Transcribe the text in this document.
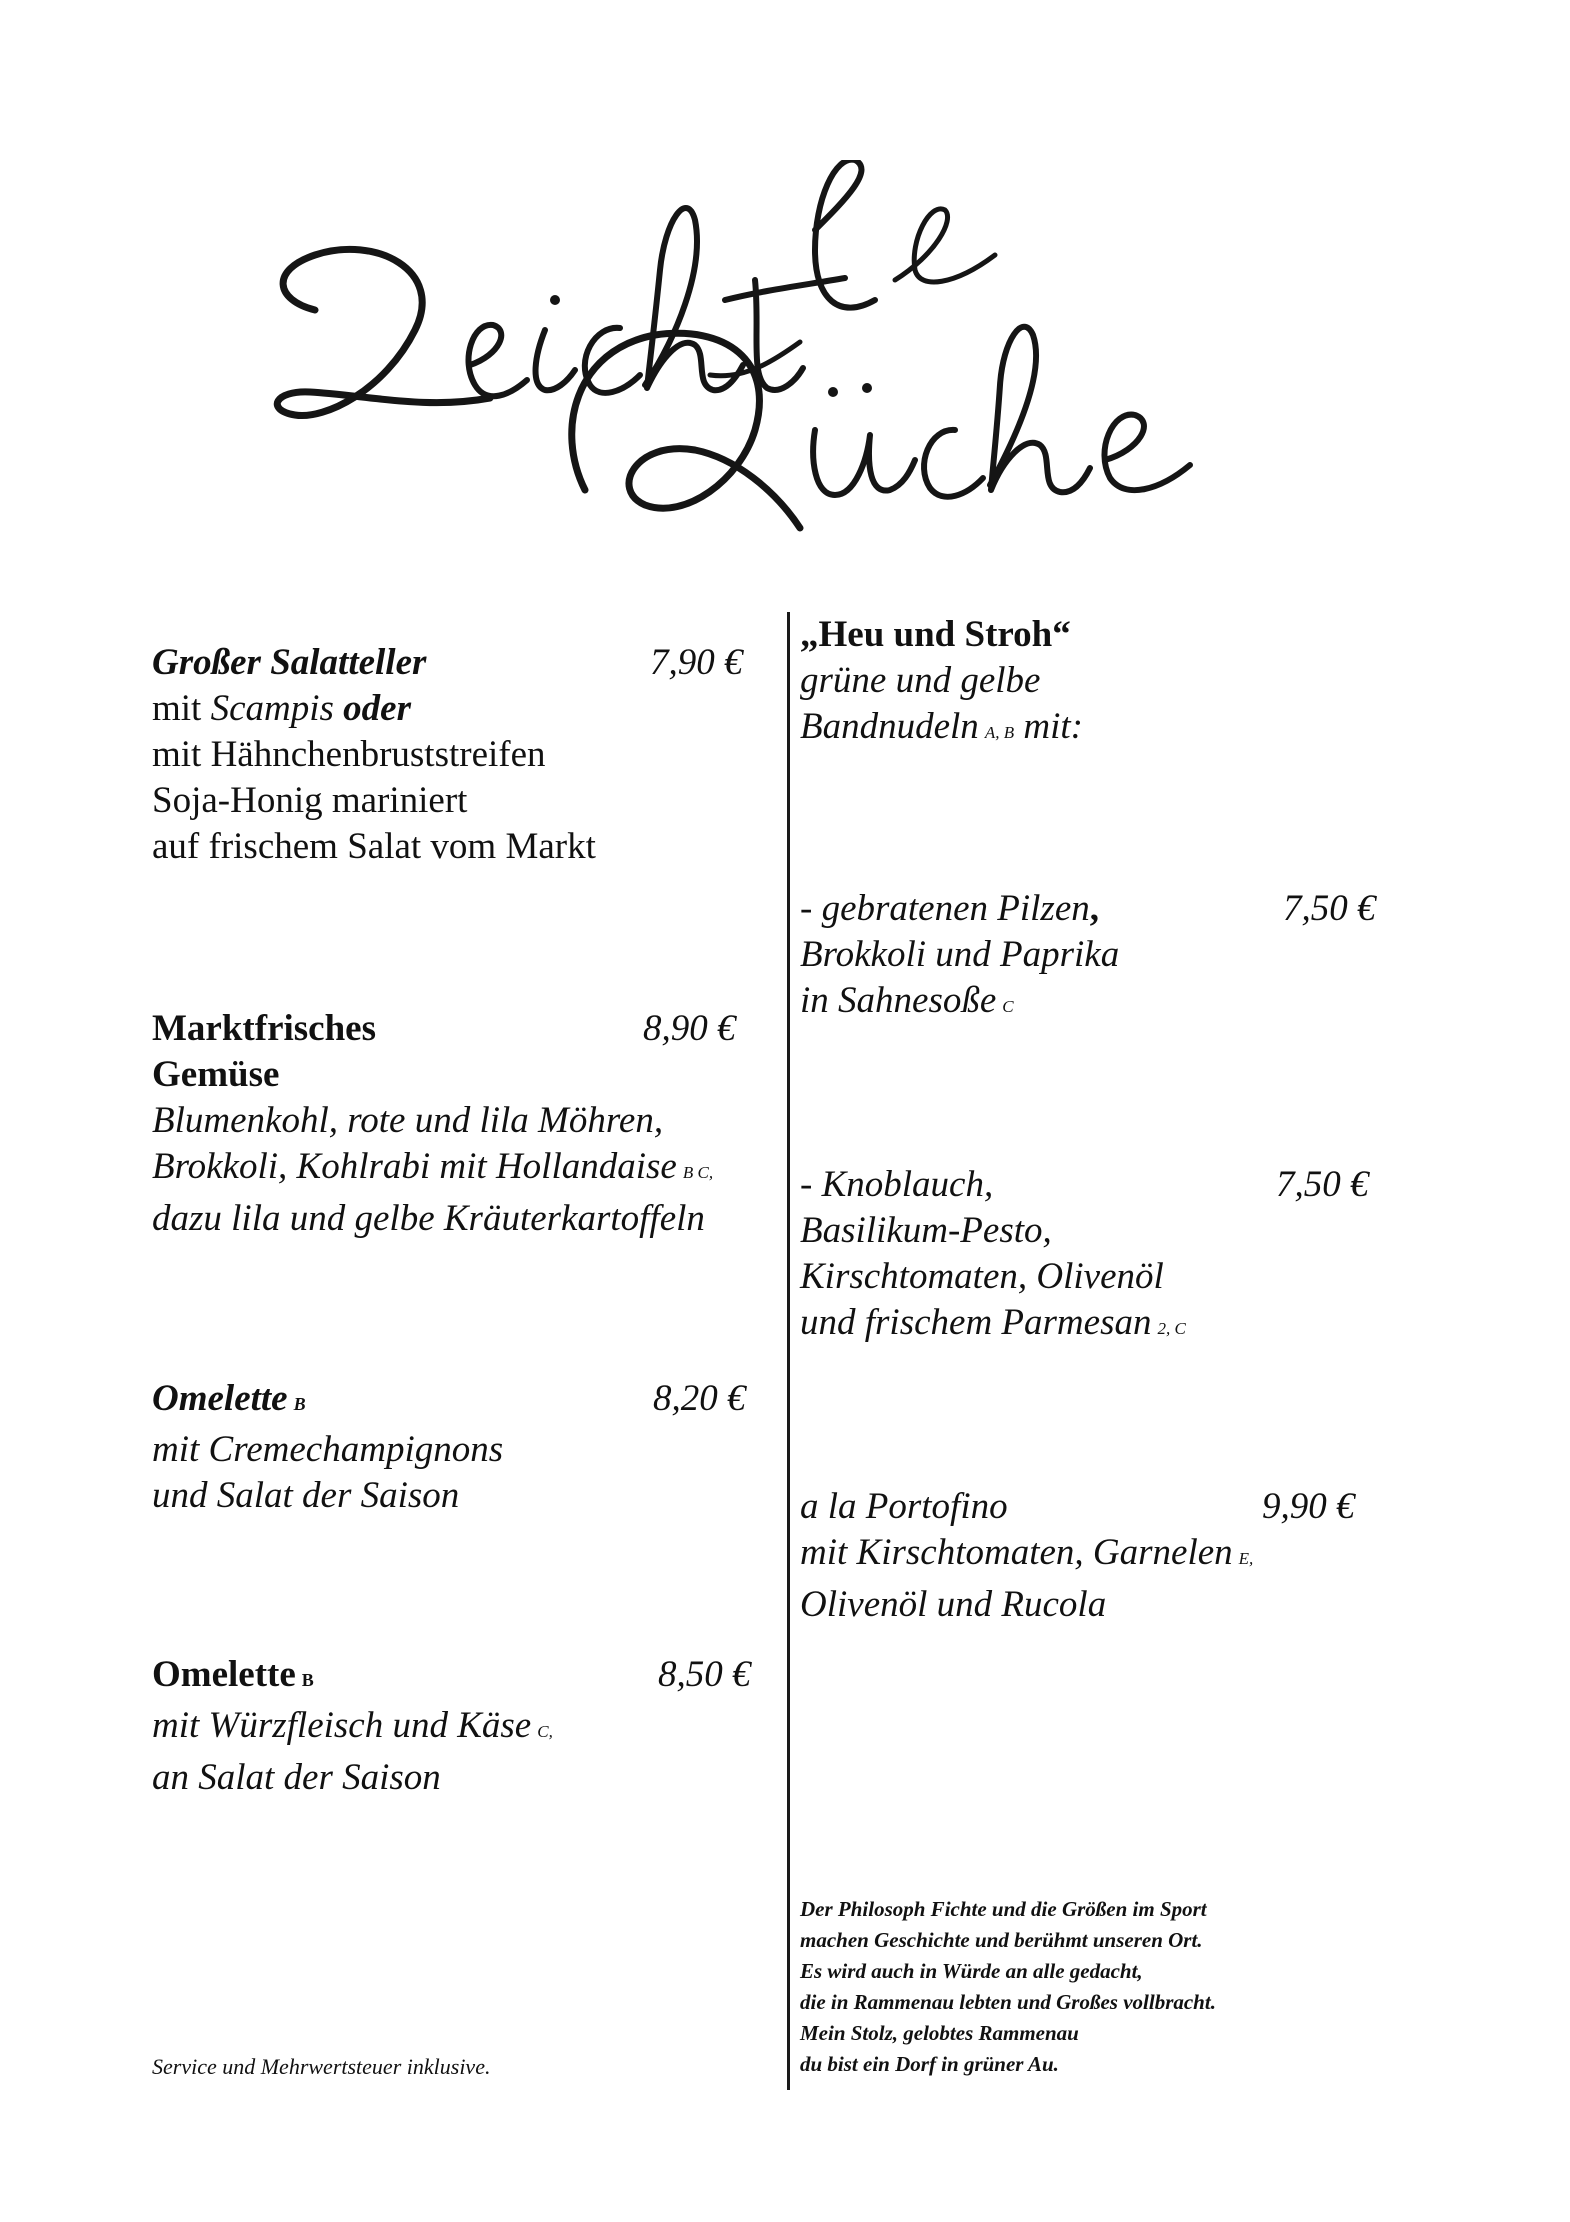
Großer Salatteller
mit Scampis oder
mit Hähnchenbruststreifen
Soja-Honig mariniert
auf frischem Salat vom Markt
7,90 €
Marktfrisches
Gemüse
Blumenkohl, rote und lila Möhren,
Brokkoli, Kohlrabi mit Hollandaise B C,
dazu lila und gelbe Kräuterkartoffeln
8,90 €
Omelette B
mit Cremechampignons
und Salat der Saison
8,20 €
Omelette B
mit Würzfleisch und Käse C,
an Salat der Saison
8,50 €
„Heu und Stroh“
grüne und gelbe
Bandnudeln A, B mit:
- gebratenen Pilzen,
Brokkoli und Paprika
in Sahnesoße C
7,50 €
- Knoblauch,
Basilikum-Pesto,
Kirschtomaten, Olivenöl
und frischem Parmesan 2, C
7,50 €
a la Portofino
mit Kirschtomaten, Garnelen E,
Olivenöl und Rucola
9,90 €
Service und Mehrwertsteuer inklusive.
Der Philosoph Fichte und die Größen im Sport
machen Geschichte und berühmt unseren Ort.
Es wird auch in Würde an alle gedacht,
die in Rammenau lebten und Großes vollbracht.
Mein Stolz, gelobtes Rammenau
du bist ein Dorf in grüner Au.
